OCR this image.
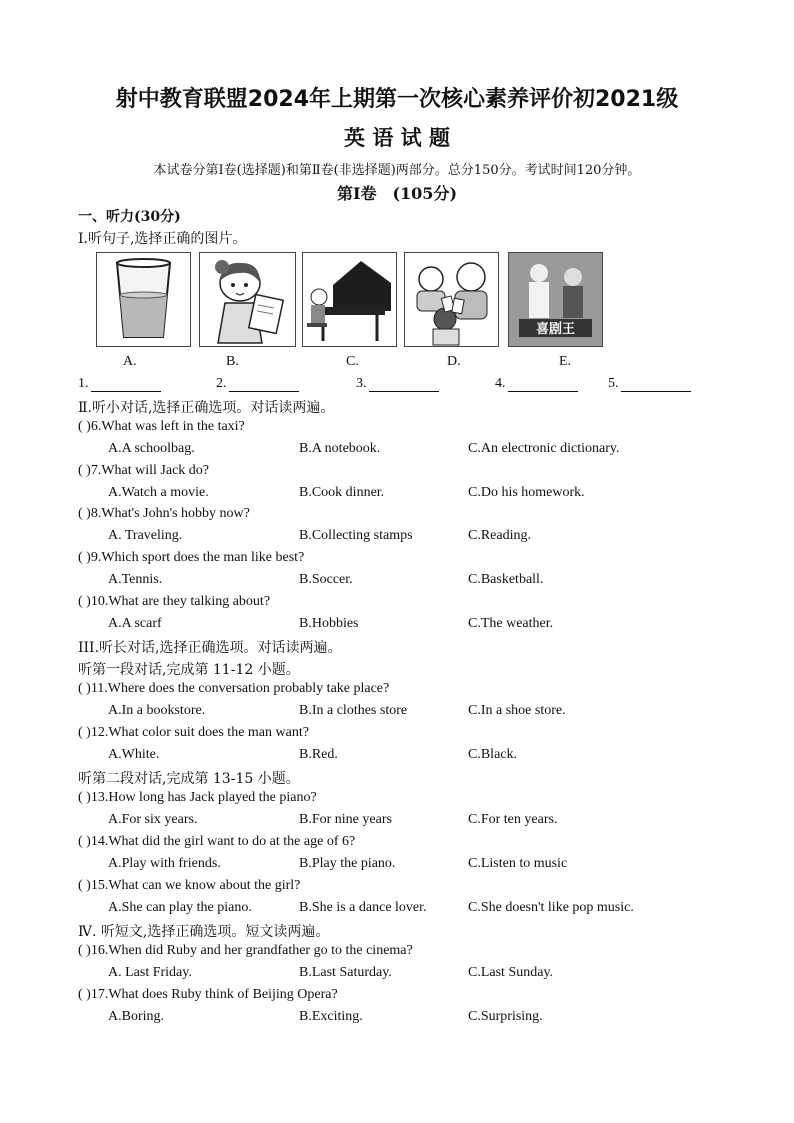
射中教育联盟2024年上期第一次核心素养评价初2021级
英 语 试 题
本试卷分第Ⅰ卷(选择题)和第Ⅱ卷(非选择题)两部分。总分150分。考试时间120分钟。
第Ⅰ卷　(105分)
一、听力(30分)
Ⅰ.听句子,选择正确的图片。
喜剧王
A.	B.	C.	D.	E.
1.	2.	3.	4.	5.
Ⅱ.听小对话,选择正确选项。对话读两遍。
( )6.What was left in the taxi?
A.A schoolbag.	B.A notebook.	C.An electronic dictionary.
( )7.What will Jack do?
A.Watch a movie.	B.Cook dinner.	C.Do his homework.
( )8.What's John's hobby now?
A. Traveling.	B.Collecting stamps	C.Reading.
( )9.Which sport does the man like best?
A.Tennis.	B.Soccer.	C.Basketball.
( )10.What are they talking about?
A.A scarf	B.Hobbies	C.The weather.
III.听长对话,选择正确选项。对话读两遍。
听第一段对话,完成第 11-12 小题。
( )11.Where does the conversation probably take place?
A.In a bookstore.	B.In a clothes store	C.In a shoe store.
( )12.What color suit does the man want?
A.White.	B.Red.	C.Black.
听第二段对话,完成第 13-15 小题。
( )13.How long has Jack played the piano?
A.For six years.	B.For nine years	C.For ten years.
( )14.What did the girl want to do at the age of 6?
A.Play with friends.	B.Play the piano.	C.Listen to music
( )15.What can we know about the girl?
A.She can play the piano.	B.She is a dance lover.	C.She doesn't like pop music.
Ⅳ. 听短文,选择正确选项。短文读两遍。
( )16.When did Ruby and her grandfather go to the cinema?
A. Last Friday.	B.Last Saturday.	C.Last Sunday.
( )17.What does Ruby think of Beijing Opera?
A.Boring.	B.Exciting.	C.Surprising.
